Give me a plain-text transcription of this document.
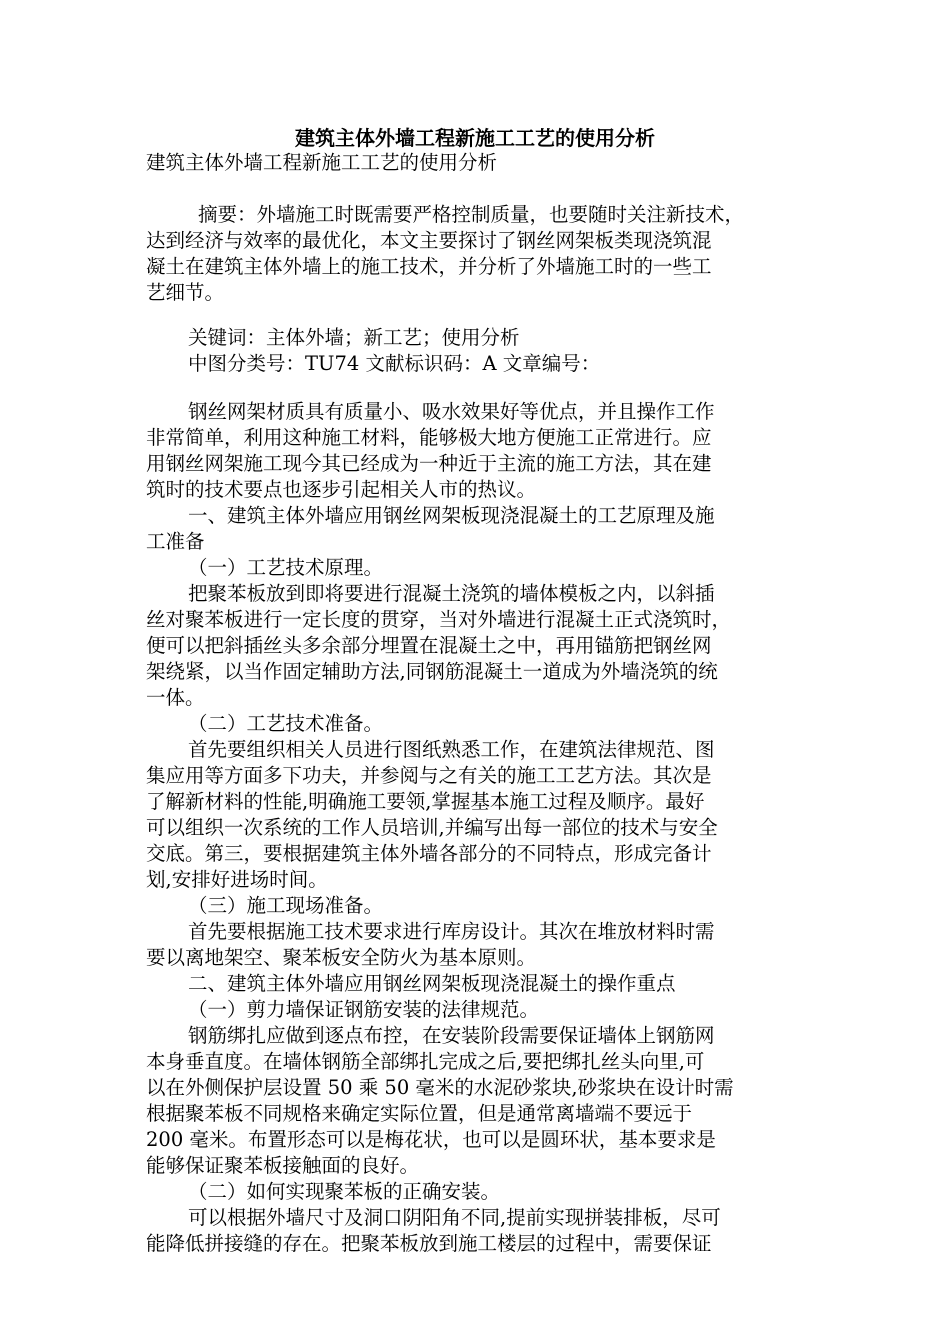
建筑主体外墙工程新施工工艺的使用分析
建筑主体外墙工程新施工工艺的使用分析
摘要：外墙施工时既需要严格控制质量，也要随时关注新技术，
达到经济与效率的最优化，本文主要探讨了钢丝网架板类现浇筑混
凝土在建筑主体外墙上的施工技术，并分析了外墙施工时的一些工
艺细节。
关键词：主体外墙；新工艺；使用分析
中图分类号：TU74 文献标识码：A 文章编号：
钢丝网架材质具有质量小、吸水效果好等优点，并且操作工作
非常简单，利用这种施工材料，能够极大地方便施工正常进行。应
用钢丝网架施工现今其已经成为一种近于主流的施工方法，其在建
筑时的技术要点也逐步引起相关人市的热议。
一、建筑主体外墙应用钢丝网架板现浇混凝土的工艺原理及施
工准备
（一）工艺技术原理。
把聚苯板放到即将要进行混凝土浇筑的墙体模板之内，以斜插
丝对聚苯板进行一定长度的贯穿，当对外墙进行混凝土正式浇筑时，
便可以把斜插丝头多余部分埋置在混凝土之中，再用锚筋把钢丝网
架绕紧，以当作固定辅助方法,同钢筋混凝土一道成为外墙浇筑的统
一体。
（二）工艺技术准备。
首先要组织相关人员进行图纸熟悉工作，在建筑法律规范、图
集应用等方面多下功夫，并参阅与之有关的施工工艺方法。其次是
了解新材料的性能,明确施工要领,掌握基本施工过程及顺序。最好
可以组织一次系统的工作人员培训,并编写出每一部位的技术与安全
交底。第三，要根据建筑主体外墙各部分的不同特点，形成完备计
划,安排好进场时间。
（三）施工现场准备。
首先要根据施工技术要求进行库房设计。其次在堆放材料时需
要以离地架空、聚苯板安全防火为基本原则。
二、建筑主体外墙应用钢丝网架板现浇混凝土的操作重点
（一）剪力墙保证钢筋安装的法律规范。
钢筋绑扎应做到逐点布控，在安装阶段需要保证墙体上钢筋网
本身垂直度。在墙体钢筋全部绑扎完成之后,要把绑扎丝头向里,可
以在外侧保护层设置 50 乘 50 毫米的水泥砂浆块,砂浆块在设计时需
根据聚苯板不同规格来确定实际位置，但是通常离墙端不要远于
200 毫米。布置形态可以是梅花状，也可以是圆环状，基本要求是
能够保证聚苯板接触面的良好。
（二）如何实现聚苯板的正确安装。
可以根据外墙尺寸及洞口阴阳角不同,提前实现拼装排板，尽可
能降低拼接缝的存在。把聚苯板放到施工楼层的过程中，需要保证
